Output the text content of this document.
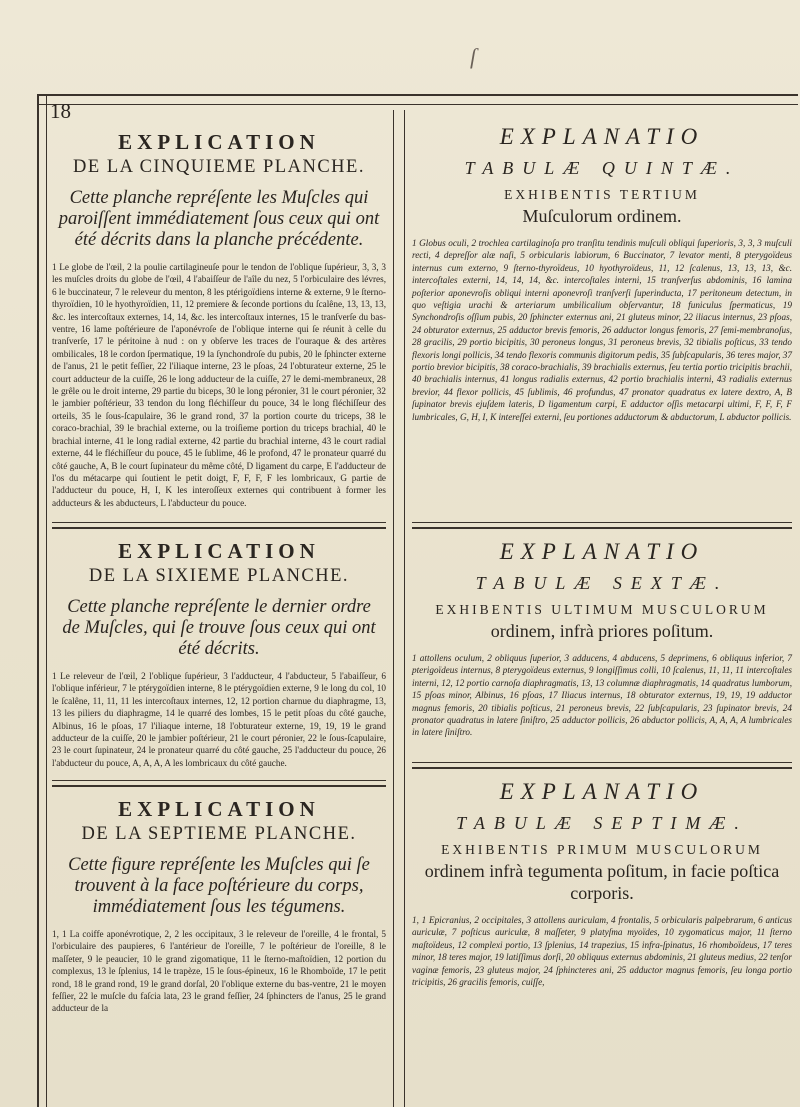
ſ
18
EXPLICATION
DE LA CINQUIEME PLANCHE.
Cette planche repréſente les Muſcles qui paroiſſent immédiatement ſous ceux qui ont été décrits dans la planche précédente.

1 Le globe de l'œil, 2 la poulie cartilagineuſe pour le tendon de l'oblique ſupérieur, 3, 3, 3 les muſcles droits du globe de l'œil, 4 l'abaiſſeur de l'aîle du nez, 5 l'orbiculaire des lévres, 6 le buccinateur, 7 le releveur du menton, 8 les ptérigoïdiens interne & externe, 9 le ſterno-thyroïdien, 10 le hyothyroïdien, 11, 12 premiere & ſeconde portions du ſcalêne, 13, 13, 13, &c. les intercoſtaux externes, 14, 14, &c. les intercoſtaux internes, 15 le tranſverſe du bas-ventre, 16 lame poſtérieure de l'aponévroſe de l'oblique interne qui ſe réunit à celle du tranſverſe, 17 le péritoine à nud : on y obſerve les traces de l'ouraque & des artères ombilicales, 18 le cordon ſpermatique, 19 la ſynchondroſe du pubis, 20 le ſphincter externe de l'anus, 21 le petit feſſier, 22 l'iliaque interne, 23 le pſoas, 24 l'obturateur externe, 25 le court adducteur de la cuiſſe, 26 le long adducteur de la cuiſſe, 27 le demi-membraneux, 28 le grêle ou le droit interne, 29 partie du biceps, 30 le long péronier, 31 le court péronier, 32 le jambier poſtérieur, 33 tendon du long fléchiſſeur du pouce, 34 le long fléchiſſeur des orteils, 35 le ſous-ſcapulaire, 36 le grand rond, 37 la portion courte du triceps, 38 le coraco-brachial, 39 le brachial externe, ou la troiſieme portion du triceps brachial, 40 le brachial interne, 41 le long radial externe, 42 partie du brachial interne, 43 le court radial externe, 44 le fléchiſſeur du pouce, 45 le ſublime, 46 le profond, 47 le pronateur quarré du côté gauche, A, B le court ſupinateur du même côté, D ligament du carpe, E l'adducteur de l'os du métacarpe qui ſoutient le petit doigt, F, F, F, F les lombricaux, G partie de l'adducteur du pouce, H, I, K les interoſſeux externes qui contribuent à former les adducteurs & les abducteurs, L l'abducteur du pouce.

EXPLICATION
DE LA SIXIEME PLANCHE.
Cette planche repréſente le dernier ordre de Muſcles, qui ſe trouve ſous ceux qui ont été décrits.

1 Le releveur de l'œil, 2 l'oblique ſupérieur, 3 l'adducteur, 4 l'abducteur, 5 l'abaiſſeur, 6 l'oblique inférieur, 7 le ptérygoïdien interne, 8 le ptérygoïdien externe, 9 le long du col, 10 le ſcalêne, 11, 11, 11 les intercoſtaux internes, 12, 12 portion charnue du diaphragme, 13, 13 les piliers du diaphragme, 14 le quarré des lombes, 15 le petit pſoas du côté gauche, Albinus, 16 le pſoas, 17 l'iliaque interne, 18 l'obturateur externe, 19, 19, 19 le grand adducteur de la cuiſſe, 20 le jambier poſtérieur, 21 le court péronier, 22 le ſous-ſcapulaire, 23 le court ſupinateur, 24 le pronateur quarré du côté gauche, 25 l'adducteur du pouce, 26 l'abducteur du pouce, A, A, A, A les lombricaux du côté gauche.

EXPLICATION
DE LA SEPTIEME PLANCHE.
Cette figure repréſente les Muſcles qui ſe trouvent à la face poſtérieure du corps, immédiatement ſous les tégumens.

1, 1 La coiffe aponévrotique, 2, 2 les occipitaux, 3 le releveur de l'oreille, 4 le frontal, 5 l'orbiculaire des paupieres, 6 l'antérieur de l'oreille, 7 le poſtérieur de l'oreille, 8 le maſſeter, 9 le peaucier, 10 le grand zigomatique, 11 le ſterno-maſtoïdien, 12 portion du complexus, 13 le ſplenius, 14 le trapèze, 15 le ſous-épineux, 16 le Rhomboïde, 17 le petit rond, 18 le grand rond, 19 le grand dorſal, 20 l'oblique externe du bas-ventre, 21 le moyen feſſier, 22 le muſcle du faſcia lata, 23 le grand feſſier, 24 ſphincters de l'anus, 25 le grand adducteur de la

EXPLANATIO
TABULÆ QUINTÆ.
EXHIBENTIS TERTIUM
Muſculorum ordinem.

1 Globus oculi, 2 trochlea cartilaginoſa pro tranſitu tendinis muſculi obliqui ſuperioris, 3, 3, 3 muſculi recti, 4 depreſſor alæ naſi, 5 orbicularis labiorum, 6 Buccinator, 7 levator menti, 8 pterygoïdeus internus cum externo, 9 ſterno-thyroïdeus, 10 hyothyroïdeus, 11, 12 ſcalenus, 13, 13, 13, &c. intercoſtales externi, 14, 14, 14, &c. intercoſtales interni, 15 tranſverſus abdominis, 16 lamina poſterior aponevroſis obliqui interni aponevroſi tranſverſi ſuperinducta, 17 peritoneum detectum, in quo veſtigia urachi & arteriarum umbilicalium obſervantur, 18 funiculus ſpermaticus, 19 Synchondroſis oſſium pubis, 20 ſphincter externus ani, 21 gluteus minor, 22 iliacus internus, 23 pſoas, 24 obturator externus, 25 adductor brevis femoris, 26 adductor longus femoris, 27 ſemi-membranoſus, 28 gracilis, 29 portio bicipitis, 30 peroneus longus, 31 peroneus brevis, 32 tibialis poſticus, 33 tendo flexoris longi pollicis, 34 tendo flexoris communis digitorum pedis, 35 ſubſcapularis, 36 teres major, 37 portio brevior bicipitis, 38 coraco-brachialis, 39 brachialis externus, ſeu tertia portio tricipitis brachii, 40 brachialis internus, 41 longus radialis externus, 42 portio brachialis interni, 43 radialis externus brevior, 44 flexor pollicis, 45 ſublimis, 46 profundus, 47 pronator quadratus ex latere dextro, A, B ſupinator brevis ejuſdem lateris, D ligamentum carpi, E adductor oſſis metacarpi ultimi, F, F, F, F lumbricales, G, H, I, K intereſſei externi, ſeu portiones adductorum & abductorum, L abductor pollicis.

EXPLANATIO
TABULÆ SEXTÆ.
EXHIBENTIS ULTIMUM MUSCULORUM
ordinem, infrà priores poſitum.

1 attollens oculum, 2 obliquus ſuperior, 3 adducens, 4 abducens, 5 deprimens, 6 obliquus inferior, 7 pterigoïdeus internus, 8 pterygoïdeus externus, 9 longiſſimus colli, 10 ſcalenus, 11, 11, 11 intercoſtales interni, 12, 12 portio carnoſa diaphragmatis, 13, 13 columnæ diaphragmatis, 14 quadratus lumborum, 15 pſoas minor, Albinus, 16 pſoas, 17 Iliacus internus, 18 obturator externus, 19, 19, 19 adductor magnus femoris, 20 tibialis poſticus, 21 peroneus brevis, 22 ſubſcapularis, 23 ſupinator brevis, 24 pronator quadratus in latere ſiniſtro, 25 adductor pollicis, 26 abductor pollicis, A, A, A, A lumbricales in latere ſiniſtro.

EXPLANATIO
TABULÆ SEPTIMÆ.
EXHIBENTIS PRIMUM MUSCULORUM
ordinem infrà tegumenta poſitum, in facie poſtica corporis.

1, 1 Epicranius, 2 occipitales, 3 attollens auriculam, 4 frontalis, 5 orbicularis palpebrarum, 6 anticus auriculæ, 7 poſticus auriculæ, 8 maſſeter, 9 platyſma myoïdes, 10 zygomaticus major, 11 ſterno maſtoïdeus, 12 complexi portio, 13 ſplenius, 14 trapezius, 15 infra-ſpinatus, 16 rhomboïdeus, 17 teres minor, 18 teres major, 19 latiſſimus dorſi, 20 obliquus externus abdominis, 21 gluteus medius, 22 tenſor vaginæ femoris, 23 gluteus major, 24 ſphincteres ani, 25 adductor magnus femoris, ſeu longa portio tricipitis, 26 gracilis femoris, cuiſſe,
